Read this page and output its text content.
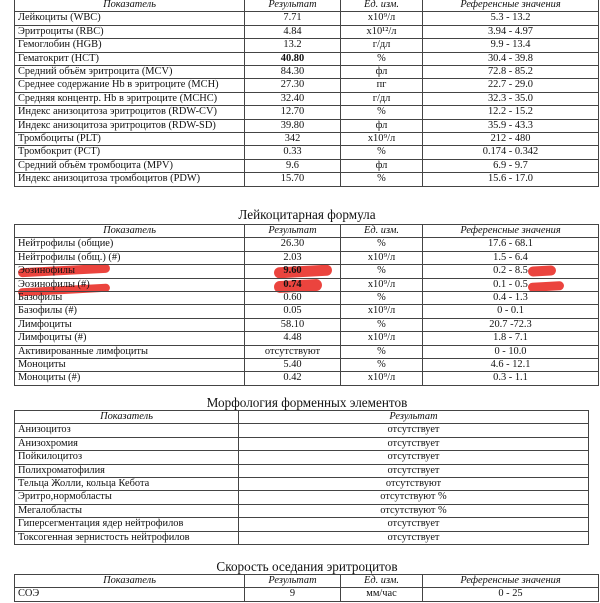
Показатель	Результат	Ед. изм.	Референсные значения
Лейкоциты (WBC)	7.71	x10⁹/л	5.3 - 13.2
Эритроциты (RBC)	4.84	x10¹²/л	3.94 - 4.97
Гемоглобин (HGB)	13.2	г/дл	9.9 - 13.4
Гематокрит (HCT)	40.80	%	30.4 - 39.8
Средний объём эритроцита (MCV)	84.30	фл	72.8 - 85.2
Среднее содержание Hb в эритроците (MCH)	27.30	пг	22.7 - 29.0
Средняя концентр. Hb в эритроците (MCHC)	32.40	г/дл	32.3 - 35.0
Индекс анизоцитоза эритроцитов (RDW-CV)	12.70	%	12.2 - 15.2
Индекс анизоцитоза эритроцитов (RDW-SD)	39.80	фл	35.9 - 43.3
Тромбоциты (PLT)	342	x10⁹/л	212 - 480
Тромбокрит (PCT)	0.33	%	0.174 - 0.342
Средний объём тромбоцита (MPV)	9.6	фл	6.9 - 9.7
Индекс анизоцитоза тромбоцитов (PDW)	15.70	%	15.6 - 17.0
Лейкоцитарная формула
Показатель	Результат	Ед. изм.	Референсные значения
Нейтрофилы (общие)	26.30	%	17.6 - 68.1
Нейтрофилы (общ.) (#)	2.03	x10⁹/л	1.5 - 6.4
Эозинофилы	9.60	%	0.2 - 8.5
Эозинофилы (#)	0.74	x10⁹/л	0.1 - 0.5
Базофилы	0.60	%	0.4 - 1.3
Базофилы (#)	0.05	x10⁹/л	0 - 0.1
Лимфоциты	58.10	%	20.7 -72.3
Лимфоциты (#)	4.48	x10⁹/л	1.8 - 7.1
Активированные лимфоциты	отсутствуют	%	0 - 10.0
Моноциты	5.40	%	4.6 - 12.1
Моноциты (#)	0.42	x10⁹/л	0.3 - 1.1
Морфология форменных элементов
Показатель	Результат
Анизоцитоз	отсутствует
Анизохромия	отсутствует
Пойкилоцитоз	отсутствует
Полихроматофилия	отсутствует
Тельца Жолли, кольца Кебота	отсутствуют
Эритро,нормобласты	отсутствуют %
Мегалобласты	отсутствуют %
Гиперсегментация ядер нейтрофилов	отсутствует
Токсогенная зернистость нейтрофилов	отсутствует
Скорость оседания эритроцитов
Показатель	Результат	Ед. изм.	Референсные значения
СОЭ	9	мм/час	0 - 25
